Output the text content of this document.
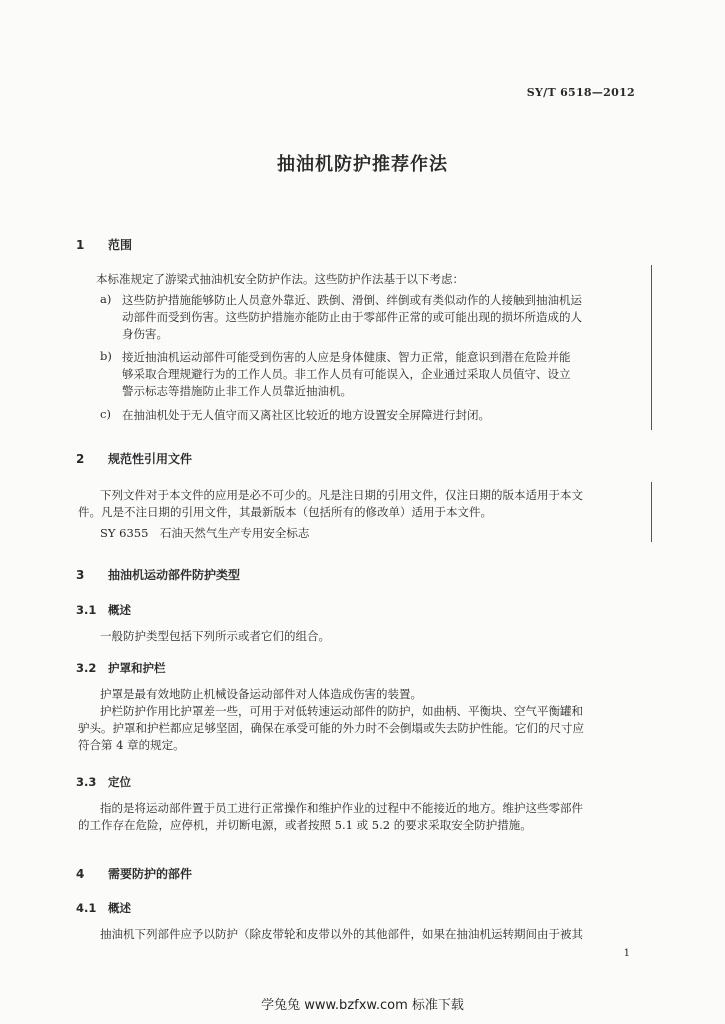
SY/T 6518—2012
抽油机防护推荐作法
1 范围
本标准规定了游梁式抽油机安全防护作法。这些防护作法基于以下考虑：
a) 这些防护措施能够防止人员意外靠近、跌倒、滑倒、绊倒或有类似动作的人接触到抽油机运
动部件而受到伤害。这些防护措施亦能防止由于零部件正常的或可能出现的损坏所造成的人
身伤害。
b) 接近抽油机运动部件可能受到伤害的人应是身体健康、智力正常，能意识到潜在危险并能
够采取合理规避行为的工作人员。非工作人员有可能误入，企业通过采取人员值守、设立
警示标志等措施防止非工作人员靠近抽油机。
c) 在抽油机处于无人值守而又离社区比较近的地方设置安全屏障进行封闭。
2 规范性引用文件
下列文件对于本文件的应用是必不可少的。凡是注日期的引用文件，仅注日期的版本适用于本文
件。凡是不注日期的引用文件，其最新版本（包括所有的修改单）适用于本文件。
SY 6355　石油天然气生产专用安全标志
3 抽油机运动部件防护类型
3.1 概述
一般防护类型包括下列所示或者它们的组合。
3.2 护罩和护栏
护罩是最有效地防止机械设备运动部件对人体造成伤害的装置。
护栏防护作用比护罩差一些，可用于对低转速运动部件的防护，如曲柄、平衡块、空气平衡罐和
驴头。护罩和护栏都应足够坚固，确保在承受可能的外力时不会倒塌或失去防护性能。它们的尺寸应
符合第 4 章的规定。
3.3 定位
指的是将运动部件置于员工进行正常操作和维护作业的过程中不能接近的地方。维护这些零部件
的工作存在危险，应停机，并切断电源，或者按照 5.1 或 5.2 的要求采取安全防护措施。
4 需要防护的部件
4.1 概述
抽油机下列部件应予以防护（除皮带轮和皮带以外的其他部件，如果在抽油机运转期间由于被其
1
学兔兔 www.bzfxw.com 标准下载
